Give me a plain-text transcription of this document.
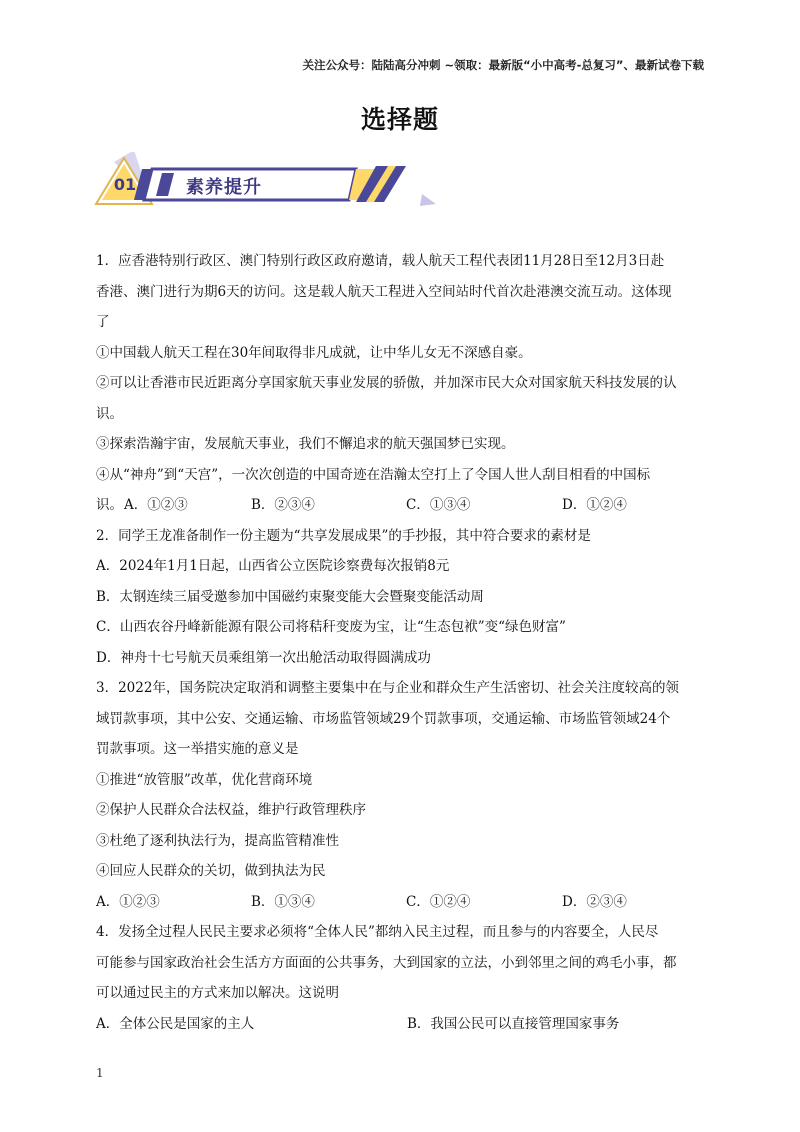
关注公众号：陆陆高分冲刺 ~领取：最新版“小中高考-总复习”、最新试卷下载
选择题
01	素养提升
1．应香港特别行政区、澳门特别行政区政府邀请，载人航天工程代表团11月28日至12月3日赴
香港、澳门进行为期6天的访问。这是载人航天工程进入空间站时代首次赴港澳交流互动。这体现
了
①中国载人航天工程在30年间取得非凡成就，让中华儿女无不深感自豪。
②可以让香港市民近距离分享国家航天事业发展的骄傲，并加深市民大众对国家航天科技发展的认
识。
③探索浩瀚宇宙，发展航天事业，我们不懈追求的航天强国梦已实现。
④从“神舟”到“天宫”，一次次创造的中国奇迹在浩瀚太空打上了令国人世人刮目相看的中国标
识。 A．①②③	B．②③④	C．①③④	D．①②④
2．同学王龙准备制作一份主题为“共享发展成果”的手抄报，其中符合要求的素材是
A．2024年1月1日起，山西省公立医院诊察费每次报销8元
B．太钢连续三届受邀参加中国磁约束聚变能大会暨聚变能活动周
C．山西农谷丹峰新能源有限公司将秸秆变废为宝，让“生态包袱”变“绿色财富”
D．神舟十七号航天员乘组第一次出舱活动取得圆满成功
3．2022年，国务院决定取消和调整主要集中在与企业和群众生产生活密切、社会关注度较高的领
域罚款事项，其中公安、交通运输、市场监管领域29个罚款事项，交通运输、市场监管领域24个
罚款事项。这一举措实施的意义是
①推进“放管服”改革，优化营商环境
②保护人民群众合法权益，维护行政管理秩序
③杜绝了逐利执法行为，提高监管精准性
④回应人民群众的关切，做到执法为民
A．①②③	B．①③④	C．①②④	D．②③④
4．发扬全过程人民民主要求必须将“全体人民”都纳入民主过程，而且参与的内容要全，人民尽
可能参与国家政治社会生活方方面面的公共事务，大到国家的立法，小到邻里之间的鸡毛小事，都
可以通过民主的方式来加以解决。这说明
A．全体公民是国家的主人	B．我国公民可以直接管理国家事务
1
